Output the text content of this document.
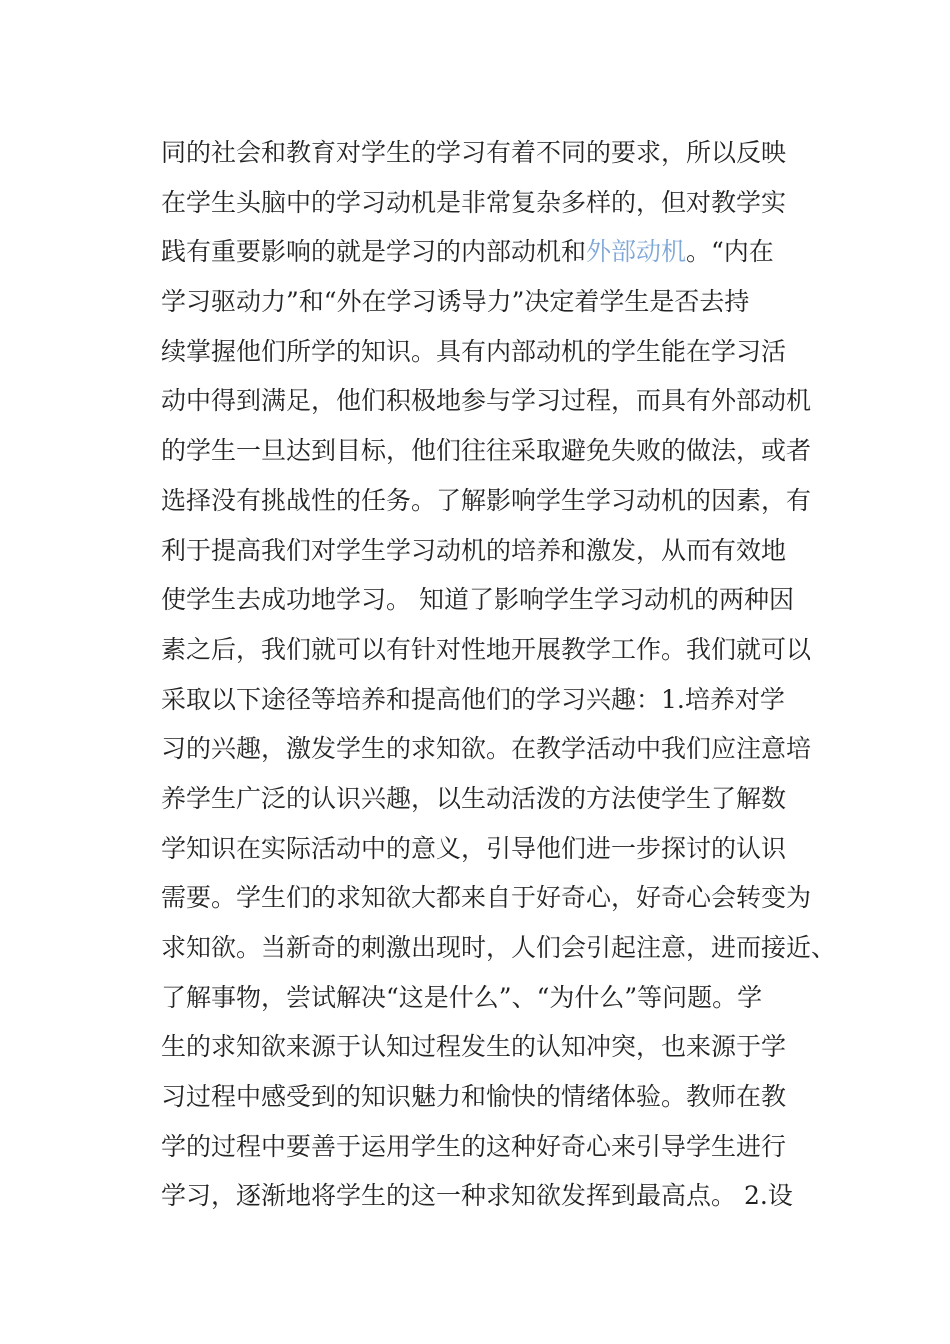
同的社会和教育对学生的学习有着不同的要求，所以反映
在学生头脑中的学习动机是非常复杂多样的，但对教学实
践有重要影响的就是学习的内部动机和外部动机。“内在
学习驱动力”和“外在学习诱导力”决定着学生是否去持
续掌握他们所学的知识。具有内部动机的学生能在学习活
动中得到满足，他们积极地参与学习过程，而具有外部动机
的学生一旦达到目标，他们往往采取避免失败的做法，或者
选择没有挑战性的任务。了解影响学生学习动机的因素，有
利于提高我们对学生学习动机的培养和激发，从而有效地
使学生去成功地学习。 知道了影响学生学习动机的两种因
素之后，我们就可以有针对性地开展教学工作。我们就可以
采取以下途径等培养和提高他们的学习兴趣：1.培养对学
习的兴趣，激发学生的求知欲。在教学活动中我们应注意培
养学生广泛的认识兴趣，以生动活泼的方法使学生了解数
学知识在实际活动中的意义，引导他们进一步探讨的认识
需要。学生们的求知欲大都来自于好奇心，好奇心会转变为
求知欲。当新奇的刺激出现时，人们会引起注意，进而接近、
了解事物，尝试解决“这是什么”、“为什么”等问题。学
生的求知欲来源于认知过程发生的认知冲突，也来源于学
习过程中感受到的知识魅力和愉快的情绪体验。教师在教
学的过程中要善于运用学生的这种好奇心来引导学生进行
学习，逐渐地将学生的这一种求知欲发挥到最高点。 2.设
